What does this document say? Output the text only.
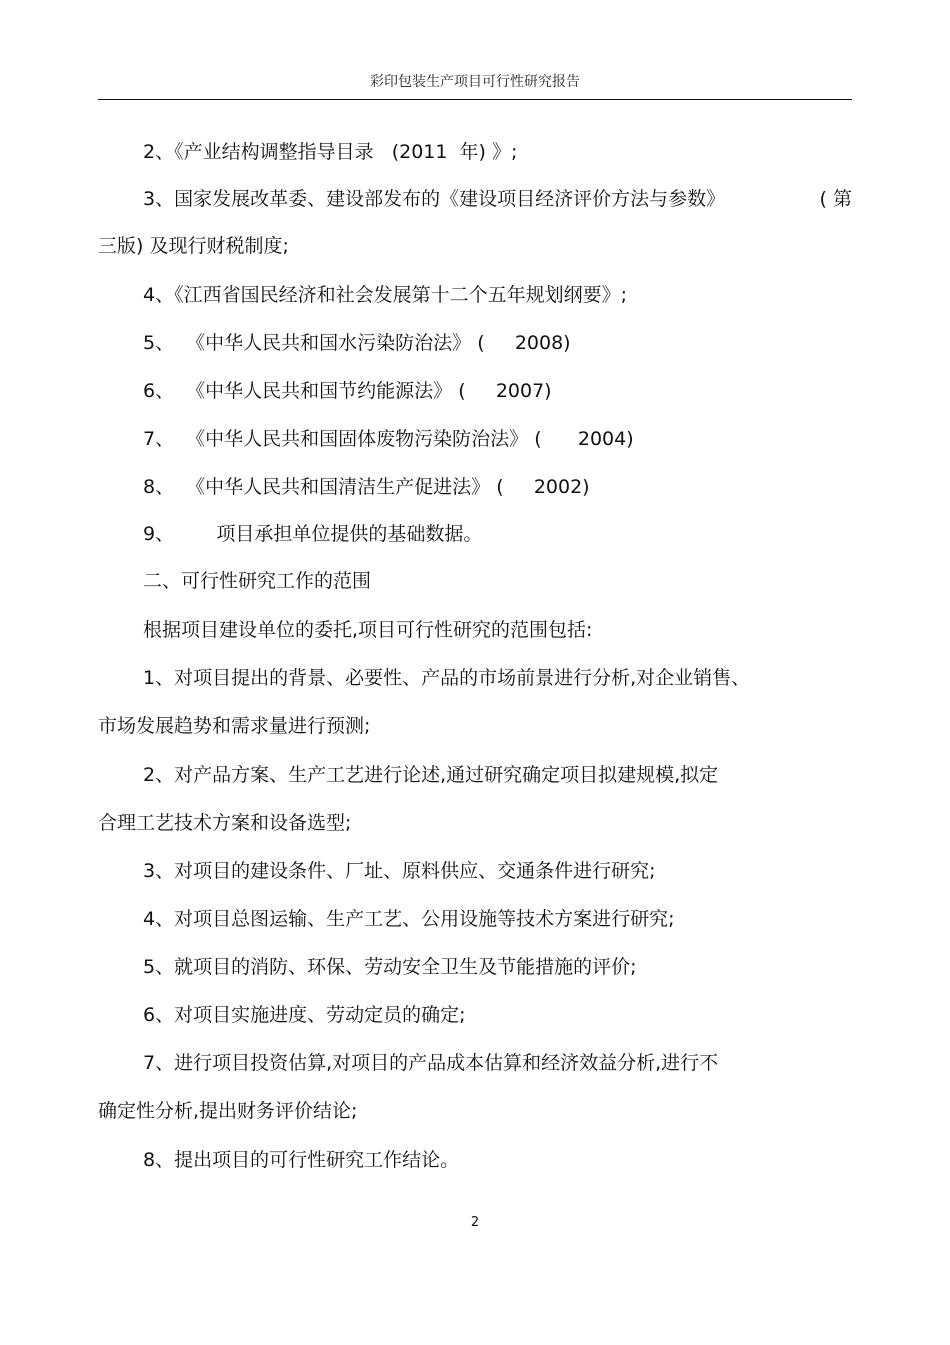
彩印包装生产项目可行性研究报告
2、《产业结构调整指导目录   (2011  年) 》;
3、国家发展改革委、建设部发布的《建设项目经济评价方法与参数》	( 第
三版) 及现行财税制度;
4、《江西省国民经济和社会发展第十二个五年规划纲要》;
5、  《中华人民共和国水污染防治法》 (     2008)
6、  《中华人民共和国节约能源法》 (     2007)
7、  《中华人民共和国固体废物污染防治法》 (      2004)
8、  《中华人民共和国清洁生产促进法》 (     2002)
9、       项目承担单位提供的基础数据。
二、可行性研究工作的范围
根据项目建设单位的委托,项目可行性研究的范围包括:
1、对项目提出的背景、必要性、产品的市场前景进行分析,对企业销售、
市场发展趋势和需求量进行预测;
2、对产品方案、生产工艺进行论述,通过研究确定项目拟建规模,拟定
合理工艺技术方案和设备选型;
3、对项目的建设条件、厂址、原料供应、交通条件进行研究;
4、对项目总图运输、生产工艺、公用设施等技术方案进行研究;
5、就项目的消防、环保、劳动安全卫生及节能措施的评价;
6、对项目实施进度、劳动定员的确定;
7、进行项目投资估算,对项目的产品成本估算和经济效益分析,进行不
确定性分析,提出财务评价结论;
8、提出项目的可行性研究工作结论。
2
